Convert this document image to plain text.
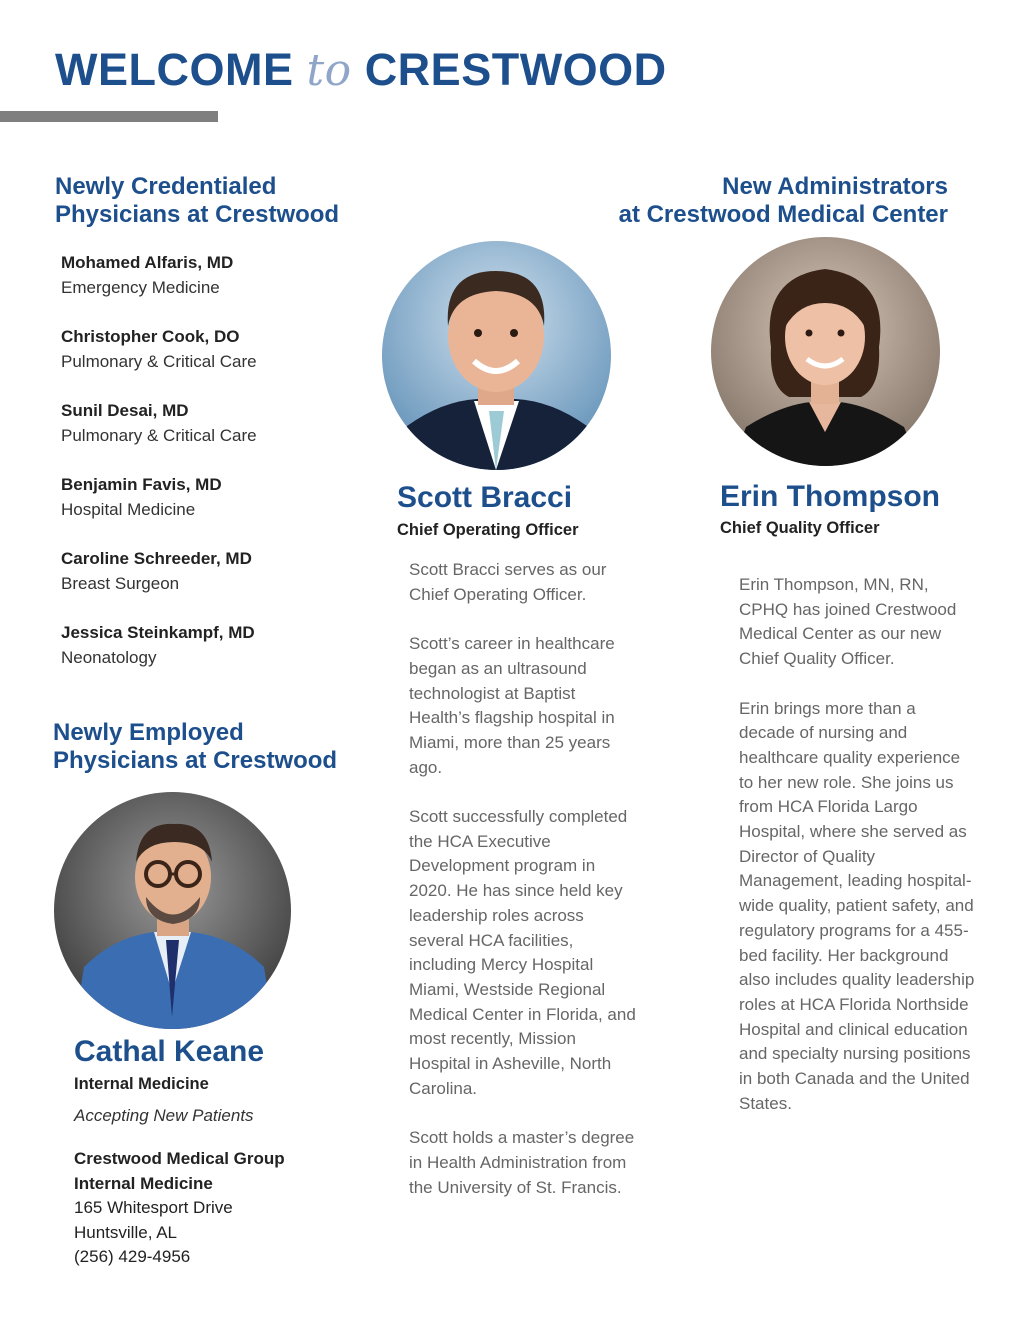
WELCOME to CRESTWOOD
Newly Credentialed
Physicians at Crestwood
Mohamed Alfaris, MD
Emergency Medicine
Christopher Cook, DO
Pulmonary & Critical Care
Sunil Desai, MD
Pulmonary & Critical Care
Benjamin Favis, MD
Hospital Medicine
Caroline Schreeder, MD
Breast Surgeon
Jessica Steinkampf, MD
Neonatology
Newly Employed
Physicians at Crestwood
Cathal Keane
Internal Medicine
Accepting New Patients
Crestwood Medical Group
Internal Medicine
165 Whitesport Drive
Huntsville, AL
(256) 429-4956
New Administrators
at Crestwood Medical Center
Scott Bracci
Chief Operating Officer

Scott Bracci serves as our Chief Operating Officer.

Scott’s career in healthcare began as an ultrasound technologist at Baptist Health’s flagship hospital in Miami, more than 25 years ago.

Scott successfully completed the HCA Executive Development program in 2020. He has since held key leadership roles across several HCA facilities, including Mercy Hospital Miami, Westside Regional Medical Center in Florida, and most recently, Mission Hospital in Asheville, North Carolina.

Scott holds a master’s degree in Health Administration from the University of St. Francis.

Erin Thompson
Chief Quality Officer

Erin Thompson, MN, RN, CPHQ has joined Crestwood Medical Center as our new Chief Quality Officer.

Erin brings more than a decade of nursing and healthcare quality experience to her new role. She joins us from HCA Florida Largo Hospital, where she served as Director of Quality Management, leading hospital-wide quality, patient safety, and regulatory programs for a 455-bed facility. Her background also includes quality leadership roles at HCA Florida Northside Hospital and clinical education and specialty nursing positions in both Canada and the United States.
